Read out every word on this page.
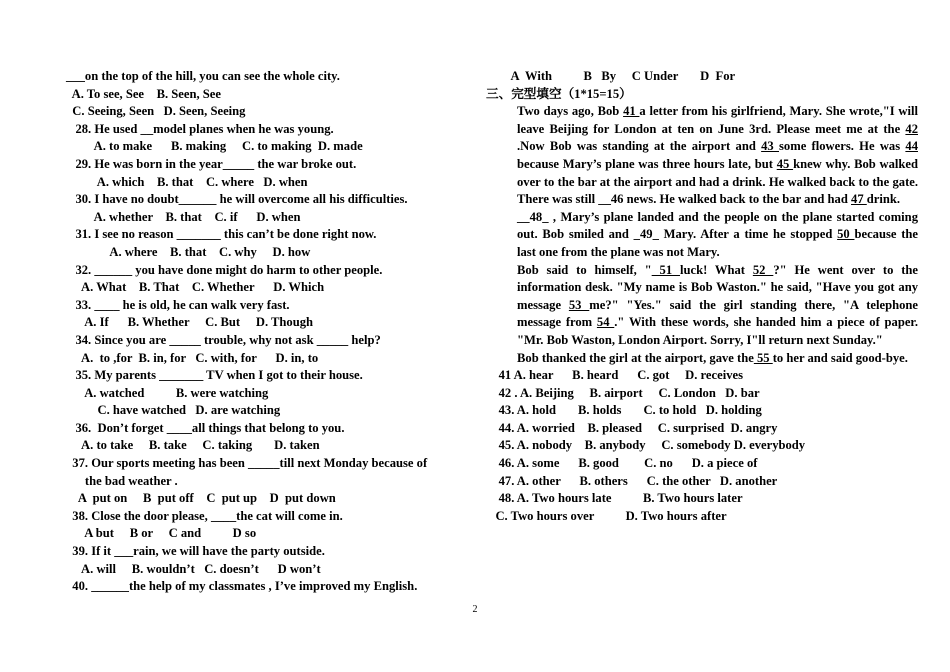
___on the top of the hill, you can see the whole city.
A. To see, See    B. Seen, See
C. Seeing, Seen   D. Seen, Seeing
28. He used __model planes when he was young.
A. to make      B. making     C. to making  D. made
29. He was born in the year_____ the war broke out.
A. which    B. that    C. where   D. when
30. I have no doubt______ he will overcome all his difficulties.
A. whether    B. that    C. if      D. when
31. I see no reason _______ this can’t be done right now.
A. where    B. that    C. why     D. how
32. ______ you have done might do harm to other people.
A. What    B. That    C. Whether      D. Which
33. ____ he is old, he can walk very fast.
A. If      B. Whether     C. But     D. Though
34. Since you are _____ trouble, why not ask _____ help?
A.  to ,for  B. in, for   C. with, for      D. in, to
35. My parents _______ TV when I got to their house.
A. watched          B. were watching
C. have watched   D. are watching
36.  Don’t forget ____all things that belong to you.
A. to take     B. take     C. taking       D. taken
37. Our sports meeting has been _____till next Monday because of
the bad weather .
A  put on     B  put off    C  put up    D  put down
38. Close the door please, ____the cat will come in.
A but     B or     C and          D so
39. If it ___rain, we will have the party outside.
A. will     B. wouldn’t   C. doesn’t      D won’t
40. ______the help of my classmates , I’ve improved my English.
A  With          B   By     C Under       D  For
三、完型填空（1*15=15）

Two days ago, Bob 41 a letter from his girlfriend, Mary. She wrote,"I will leave Beijing for London at ten on June 3rd. Please meet me at the 42 .Now Bob was standing at the airport and 43 some flowers. He was 44 because Mary’s plane was three hours late, but 45 knew why. Bob walked over to the bar at the airport and had a drink. He walked back to the gate. There was still __46 news. He walked back to the bar and had 47 drink.

__48_ , Mary’s plane landed and the people on the plane started coming out. Bob smiled and _49_ Mary. After a time he stopped 50 because the last one from the plane was not Mary.

Bob said to himself, " 51 luck! What 52 ?" He went over to the information desk. "My name is Bob Waston." he said, "Have you got any message 53 me?" "Yes." said the girl standing there, "A telephone message from 54 ." With these words, she handed him a piece of paper. "Mr. Bob Waston, London Airport. Sorry, I"ll return next Sunday."

Bob thanked the girl at the airport, gave the 55 to her and said good-bye.

41 A. hear      B. heard      C. got     D. receives
42 . A. Beijing     B. airport     C. London   D. bar
43. A. hold       B. holds       C. to hold   D. holding
44. A. worried    B. pleased     C. surprised  D. angry
45. A. nobody    B. anybody     C. somebody D. everybody
46. A. some      B. good        C. no      D. a piece of
47. A. other      B. others      C. the other   D. another
48. A. Two hours late          B. Two hours later
C. Two hours over          D. Two hours after
2
